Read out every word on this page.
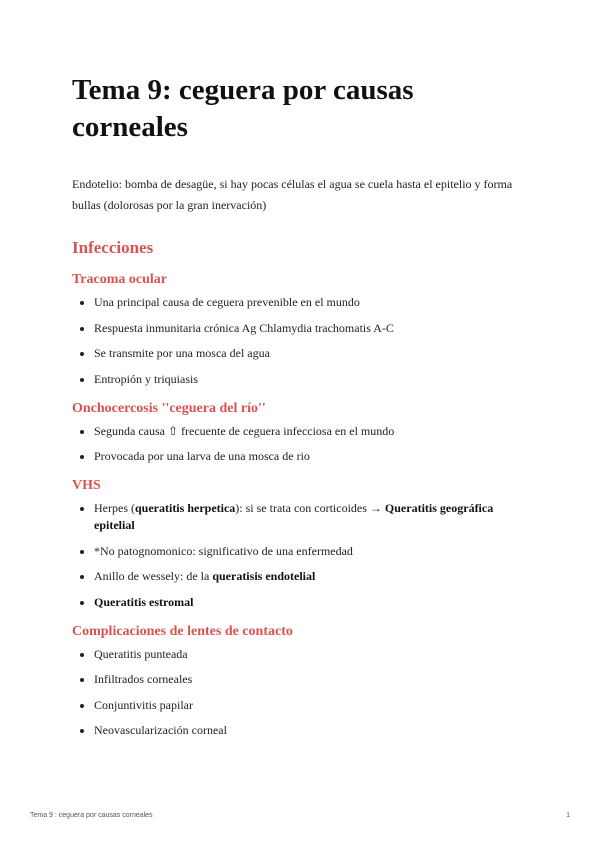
Tema 9: ceguera por causas corneales

Endotelio: bomba de desagüe, si hay pocas células el agua se cuela hasta el epitelio y forma bullas (dolorosas por la gran inervación)

Infecciones
Tracoma ocular
Una principal causa de ceguera prevenible en el mundo
Respuesta inmunitaria crónica Ag Chlamydia trachomatis A-C
Se transmite por una mosca del agua
Entropión y triquiasis
Onchocercosis ''ceguera del río''
Segunda causa ⇧ frecuente de ceguera infecciosa en el mundo
Provocada por una larva de una mosca de rio
VHS
Herpes (queratitis herpetica): si se trata con corticoides → Queratitis geográfica epitelial
*No patognomonico: significativo de una enfermedad
Anillo de wessely: de la queratisis endotelial
Queratitis estromal
Complicaciones de lentes de contacto
Queratitis punteada
Infiltrados corneales
Conjuntivitis papilar
Neovascularización corneal
Tema 9 : ceguera por causas corneales	1
